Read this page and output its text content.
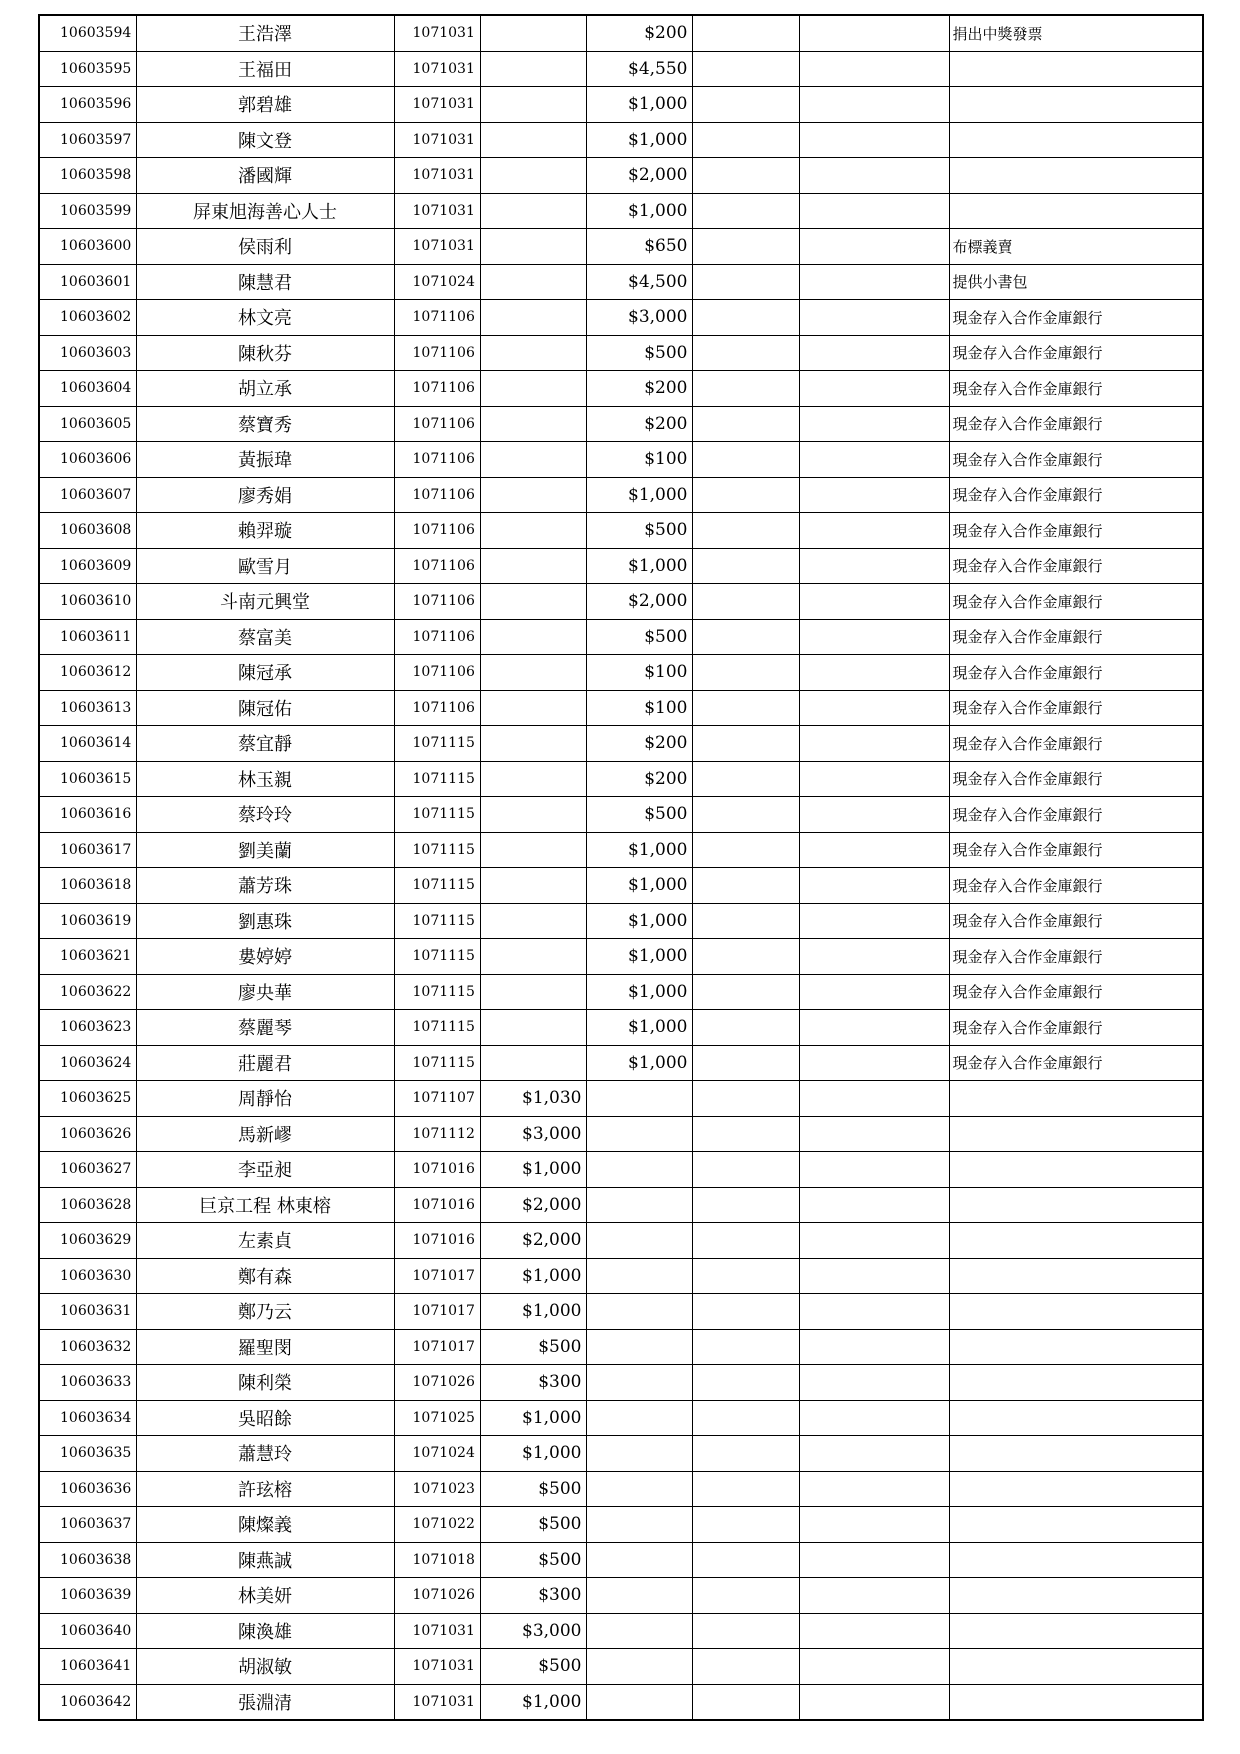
10603594	王浩澤	1071031		$200			捐出中獎發票
10603595	王福田	1071031		$4,550			
10603596	郭碧雄	1071031		$1,000			
10603597	陳文登	1071031		$1,000			
10603598	潘國輝	1071031		$2,000			
10603599	屏東旭海善心人士	1071031		$1,000			
10603600	侯雨利	1071031		$650			布標義賣
10603601	陳慧君	1071024		$4,500			提供小書包
10603602	林文亮	1071106		$3,000			現金存入合作金庫銀行
10603603	陳秋芬	1071106		$500			現金存入合作金庫銀行
10603604	胡立承	1071106		$200			現金存入合作金庫銀行
10603605	蔡寶秀	1071106		$200			現金存入合作金庫銀行
10603606	黃振瑋	1071106		$100			現金存入合作金庫銀行
10603607	廖秀娟	1071106		$1,000			現金存入合作金庫銀行
10603608	賴羿璇	1071106		$500			現金存入合作金庫銀行
10603609	歐雪月	1071106		$1,000			現金存入合作金庫銀行
10603610	斗南元興堂	1071106		$2,000			現金存入合作金庫銀行
10603611	蔡富美	1071106		$500			現金存入合作金庫銀行
10603612	陳冠承	1071106		$100			現金存入合作金庫銀行
10603613	陳冠佑	1071106		$100			現金存入合作金庫銀行
10603614	蔡宜靜	1071115		$200			現金存入合作金庫銀行
10603615	林玉親	1071115		$200			現金存入合作金庫銀行
10603616	蔡玲玲	1071115		$500			現金存入合作金庫銀行
10603617	劉美蘭	1071115		$1,000			現金存入合作金庫銀行
10603618	蕭芳珠	1071115		$1,000			現金存入合作金庫銀行
10603619	劉惠珠	1071115		$1,000			現金存入合作金庫銀行
10603621	婁婷婷	1071115		$1,000			現金存入合作金庫銀行
10603622	廖央華	1071115		$1,000			現金存入合作金庫銀行
10603623	蔡麗琴	1071115		$1,000			現金存入合作金庫銀行
10603624	莊麗君	1071115		$1,000			現金存入合作金庫銀行
10603625	周靜怡	1071107	$1,030				
10603626	馬新嵺	1071112	$3,000				
10603627	李亞昶	1071016	$1,000				
10603628	巨京工程 林東榕	1071016	$2,000				
10603629	左素貞	1071016	$2,000				
10603630	鄭有森	1071017	$1,000				
10603631	鄭乃云	1071017	$1,000				
10603632	羅聖閔	1071017	$500				
10603633	陳利榮	1071026	$300				
10603634	吳昭餘	1071025	$1,000				
10603635	蕭慧玲	1071024	$1,000				
10603636	許玹榕	1071023	$500				
10603637	陳燦義	1071022	$500				
10603638	陳燕誠	1071018	$500				
10603639	林美妍	1071026	$300				
10603640	陳渙雄	1071031	$3,000				
10603641	胡淑敏	1071031	$500				
10603642	張淵清	1071031	$1,000				
